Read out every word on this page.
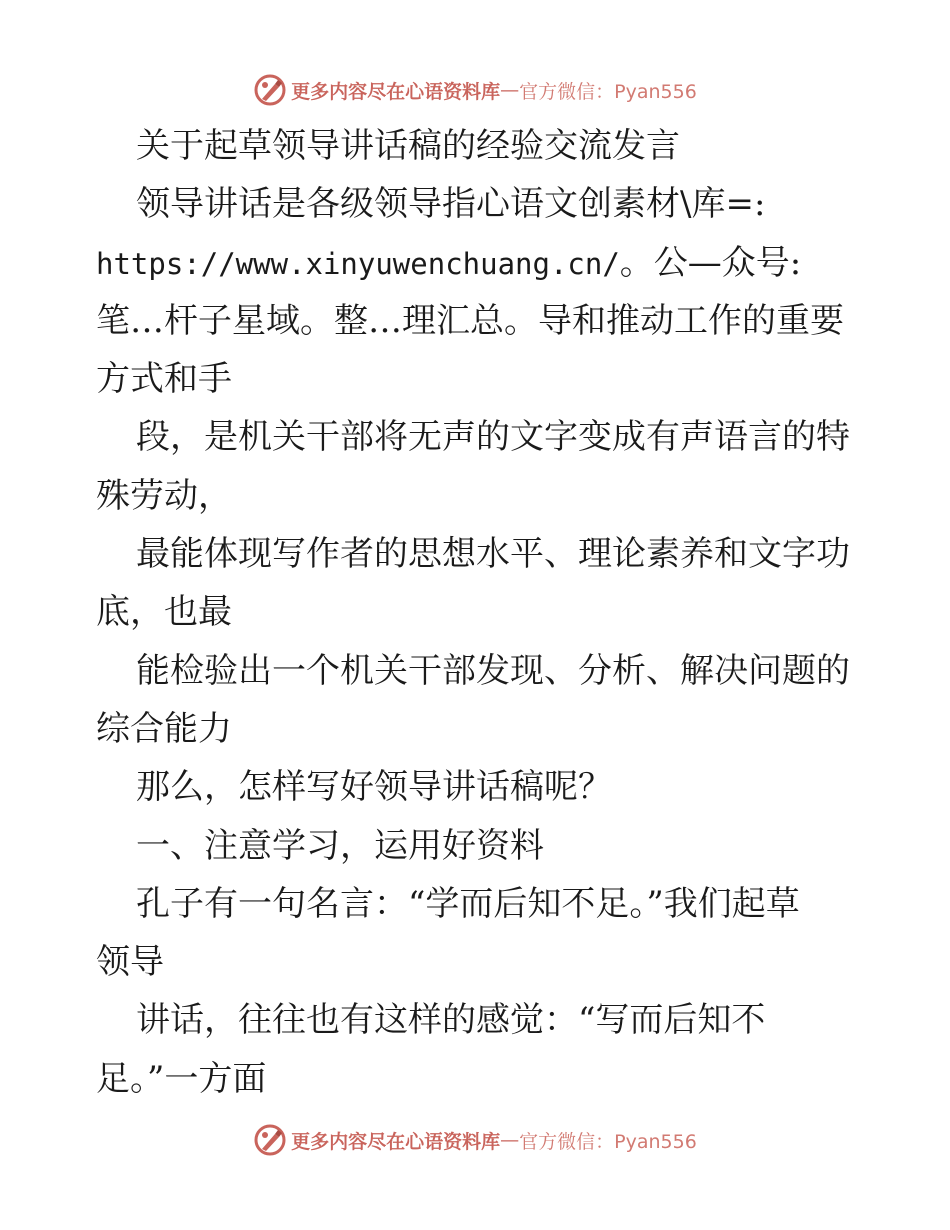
更多内容尽在心语资料库 — 官方微信：Pyan556
关于起草领导讲话稿的经验交流发言
领导讲话是各级领导指心语文创素材\库=:
https://www.xinyuwenchuang.cn/。公—众号:
笔…杆子星域。整…理汇总。导和推动工作的重要
方式和手
段，是机关干部将无声的文字变成有声语言的特
殊劳动，
最能体现写作者的思想水平、理论素养和文字功
底，也最
能检验出一个机关干部发现、分析、解决问题的
综合能力
那么，怎样写好领导讲话稿呢？
一、注意学习，运用好资料
孔子有一句名言：“学而后知不足。”我们起草
领导
讲话，往往也有这样的感觉：“写而后知不
足。”一方面
更多内容尽在心语资料库 — 官方微信：Pyan556
